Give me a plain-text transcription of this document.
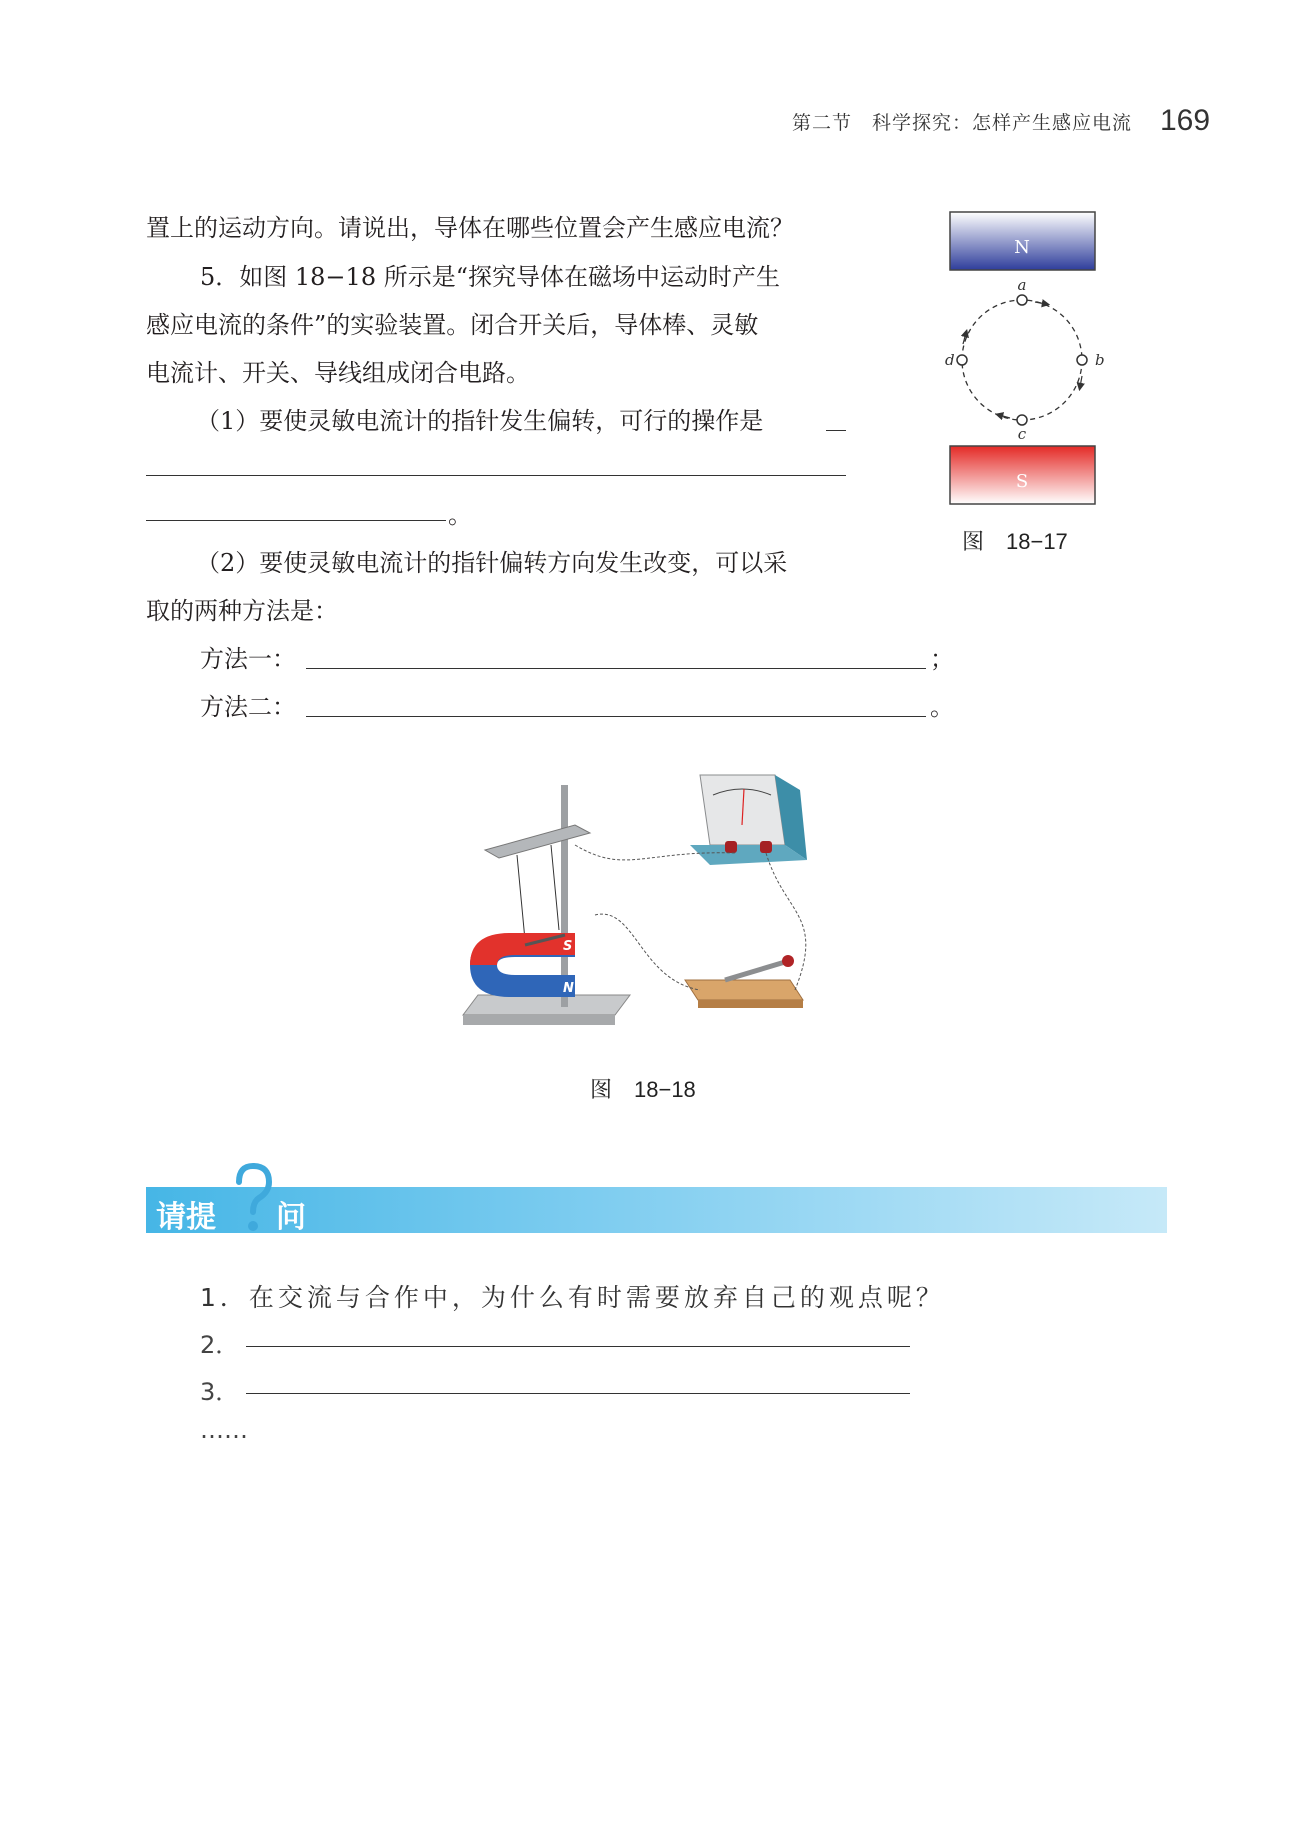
第二节　科学探究：怎样产生感应电流 169
置上的运动方向。请说出，导体在哪些位置会产生感应电流？
5．如图 18−18 所示是“探究导体在磁场中运动时产生
感应电流的条件”的实验装置。闭合开关后，导体棒、灵敏
电流计、开关、导线组成闭合电路。
（1）要使灵敏电流计的指针发生偏转，可行的操作是
。
（2）要使灵敏电流计的指针偏转方向发生改变，可以采
取的两种方法是：
方法一：	；
方法二：	。
N
a
b
c
d
S
图　18−17
S
N
图　18−18
请提 问
1．在交流与合作中，为什么有时需要放弃自己的观点呢？
2．
3．
……
